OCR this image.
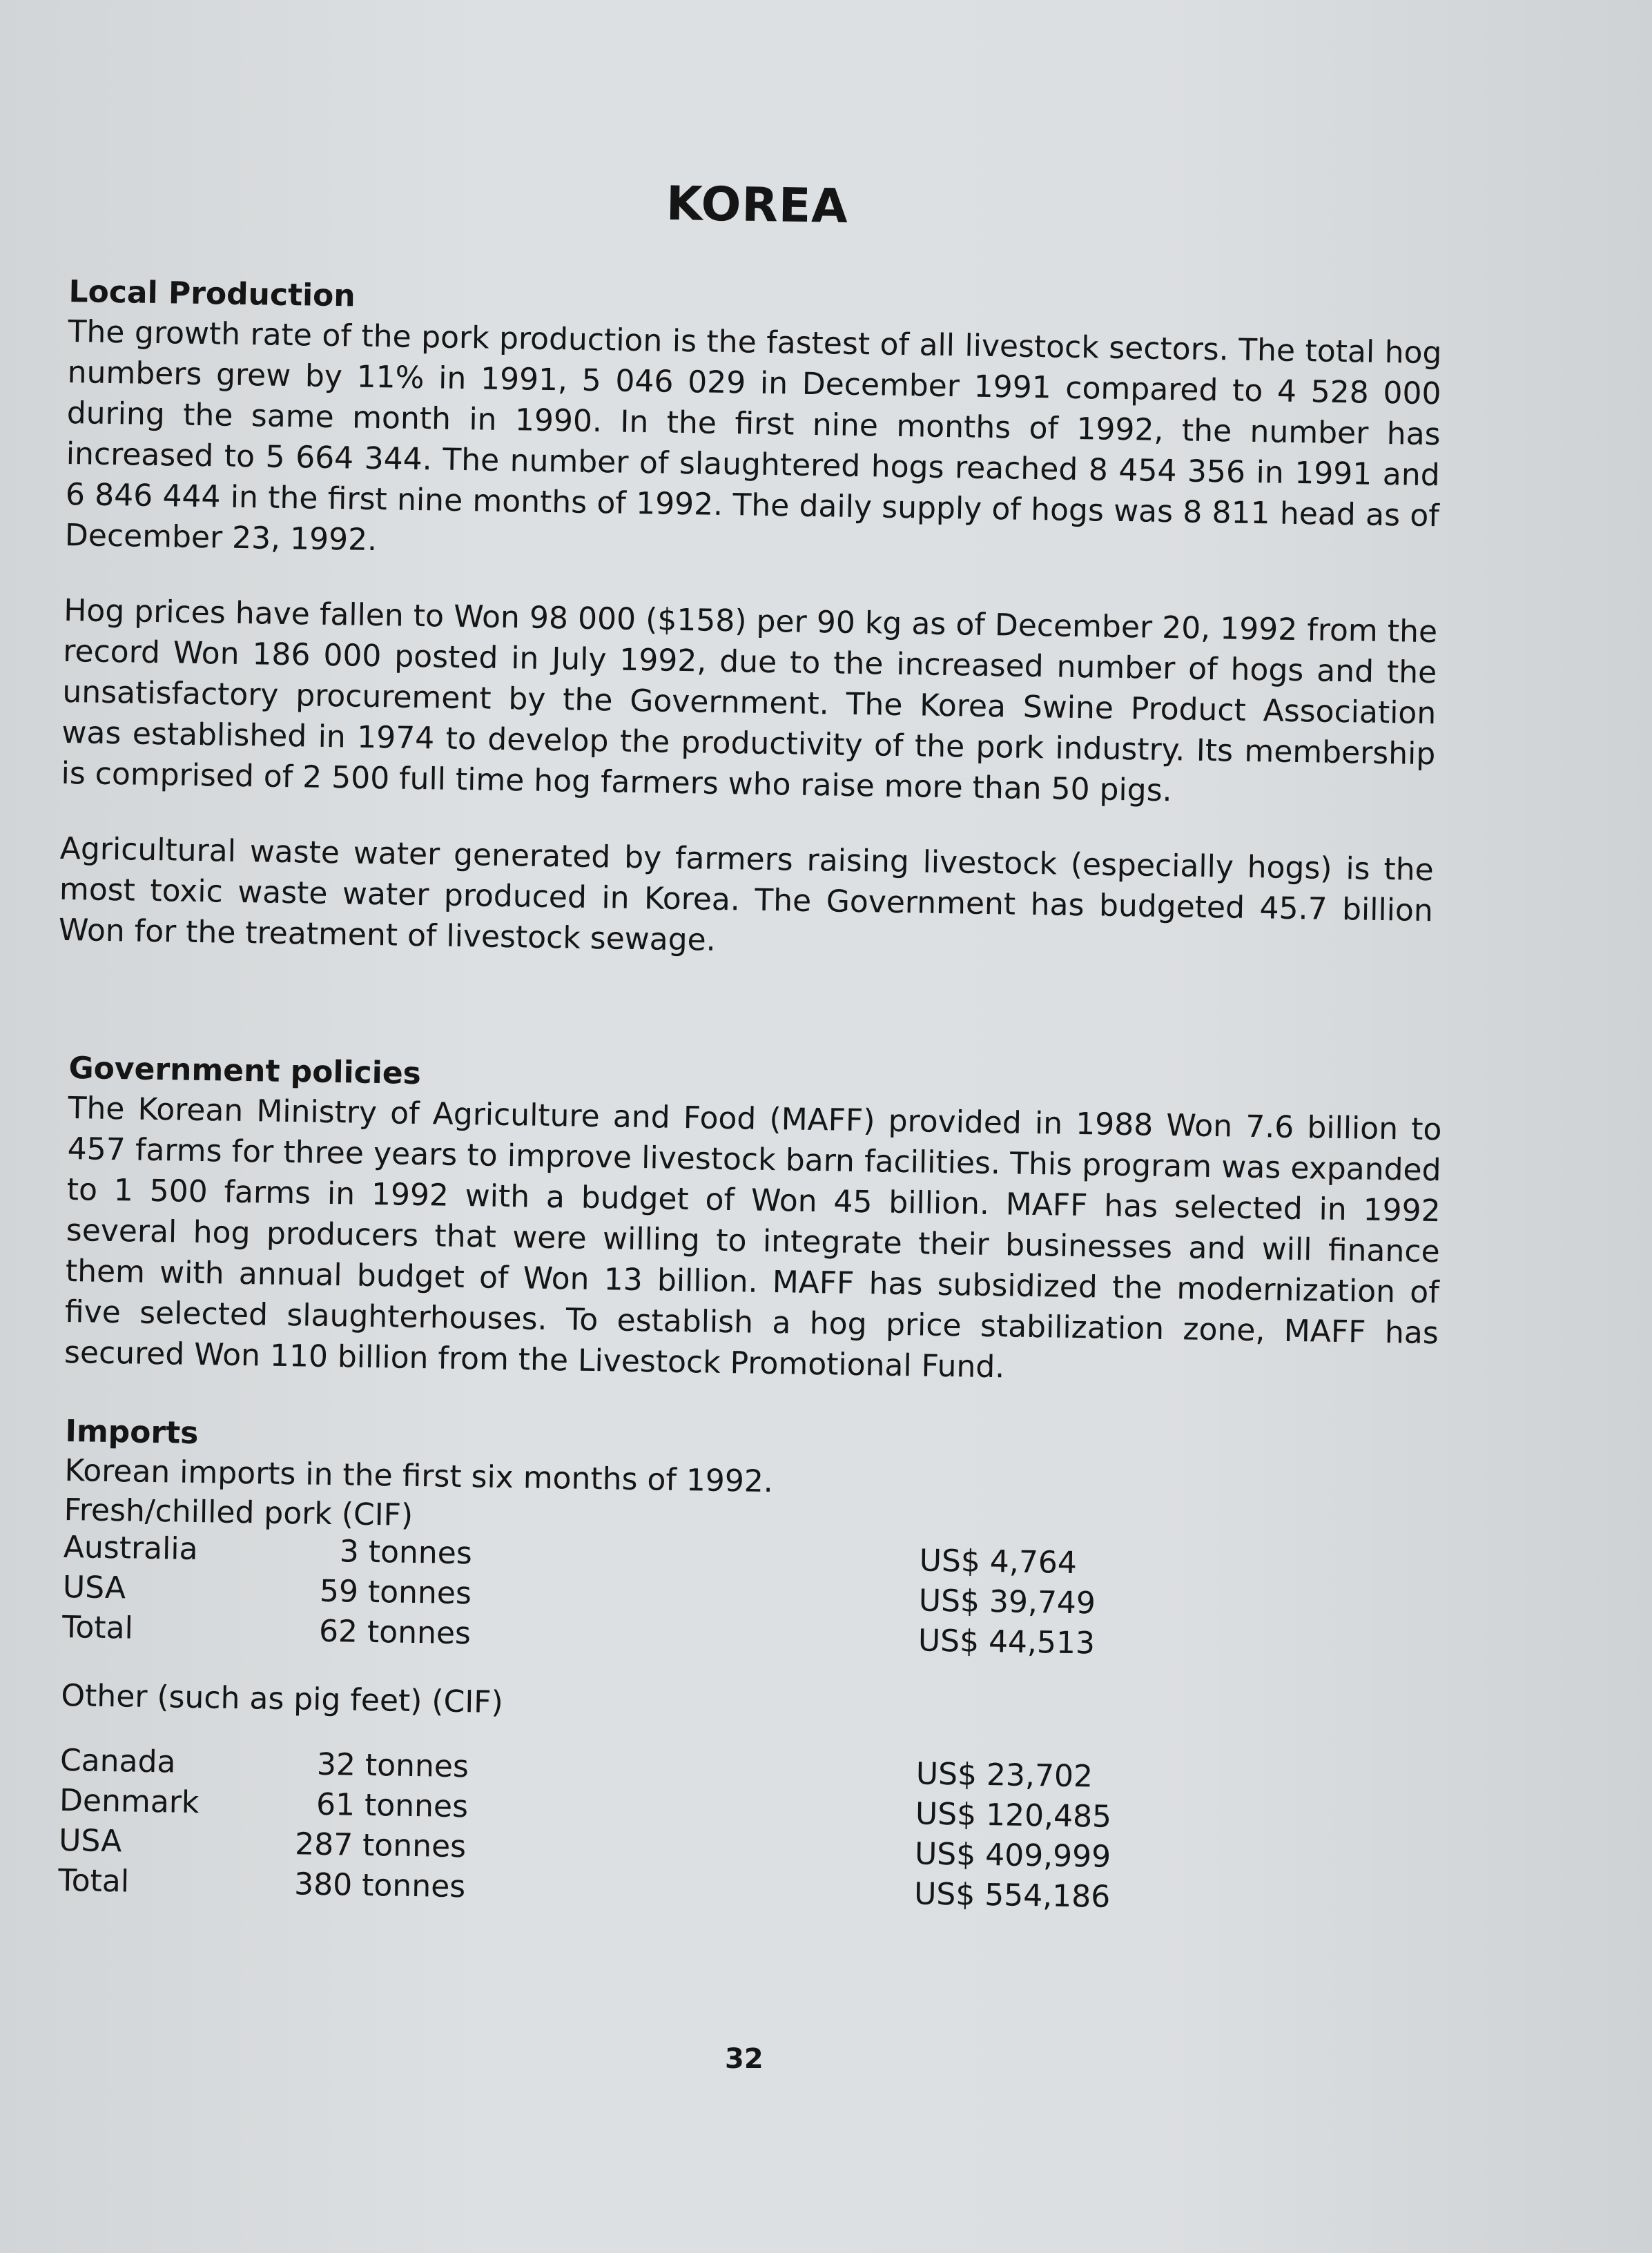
KOREA

Local Production

The growth rate of the pork production is the fastest of all livestock sectors. The total hog numbers grew by 11% in 1991, 5 046 029 in December 1991 compared to 4 528 000 during the same month in 1990. In the first nine months of 1992, the number has increased to 5 664 344. The number of slaughtered hogs reached 8 454 356 in 1991 and 6 846 444 in the first nine months of 1992. The daily supply of hogs was 8 811 head as of December 23, 1992.

Hog prices have fallen to Won 98 000 ($158) per 90 kg as of December 20, 1992 from the record Won 186 000 posted in July 1992, due to the increased number of hogs and the unsatisfactory procurement by the Government. The Korea Swine Product Association was established in 1974 to develop the productivity of the pork industry. Its membership is comprised of 2 500 full time hog farmers who raise more than 50 pigs.

Agricultural waste water generated by farmers raising livestock (especially hogs) is the most toxic waste water produced in Korea. The Government has budgeted 45.7 billion Won for the treatment of livestock sewage.

Government policies

The Korean Ministry of Agriculture and Food (MAFF) provided in 1988 Won 7.6 billion to 457 farms for three years to improve livestock barn facilities. This program was expanded to 1 500 farms in 1992 with a budget of Won 45 billion. MAFF has selected in 1992 several hog producers that were willing to integrate their businesses and will finance them with annual budget of Won 13 billion. MAFF has subsidized the modernization of five selected slaughterhouses. To establish a hog price stabilization zone, MAFF has secured Won 110 billion from the Livestock Promotional Fund.

Imports
Korean imports in the first six months of 1992.
Fresh/chilled pork (CIF)
Australia	3 tonnes	US$ 4,764
USA	59 tonnes	US$ 39,749
Total	62 tonnes	US$ 44,513
Other (such as pig feet) (CIF)
Canada	32 tonnes	US$ 23,702
Denmark	61 tonnes	US$ 120,485
USA	287 tonnes	US$ 409,999
Total	380 tonnes	US$ 554,186
32
